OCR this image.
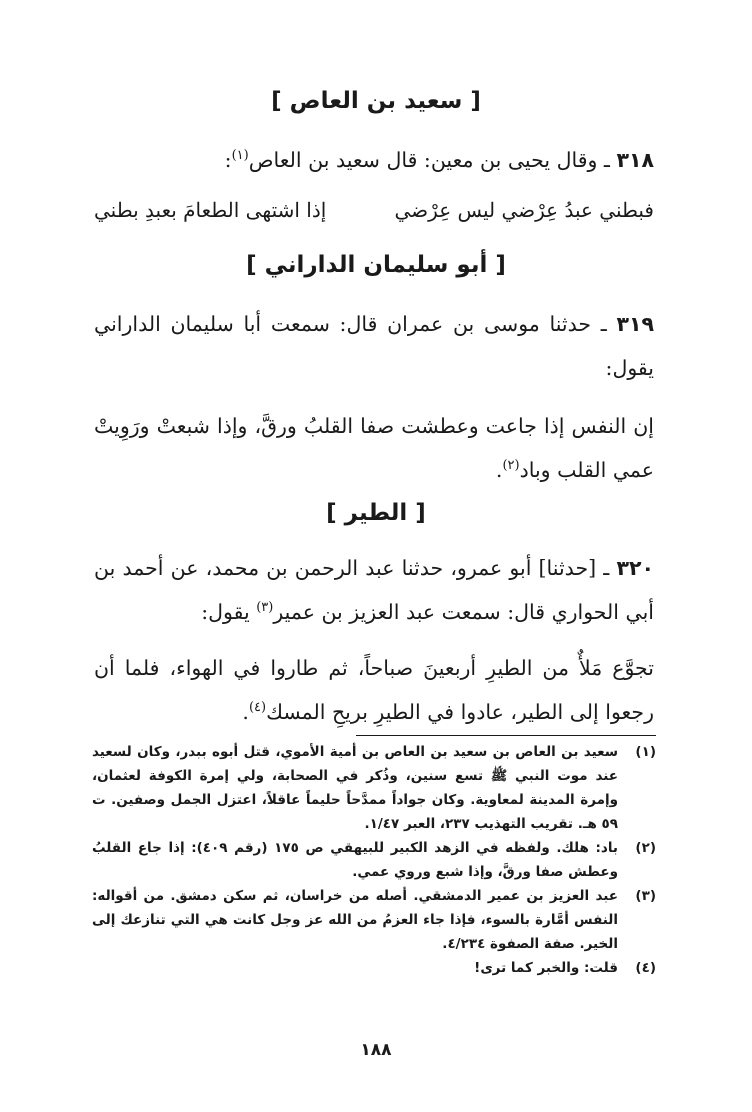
[ سعيد بن العاص ]
٣١٨ ـ وقال يحيى بن معين: قال سعيد بن العاص$^{(١)}$:
فبطني عبدُ عِرْضي ليس عِرْضي
إذا اشتهى الطعامَ بعبدِ بطني
[ أبو سليمان الداراني ]
٣١٩ ـ حدثنا موسى بن عمران قال: سمعت أبا سليمان الداراني يقول:
إن النفس إذا جاعت وعطشت صفا القلبُ ورقَّ، وإذا شبعتْ ورَوِيتْ عمي القلب وباد$^{(٢)}$.
[ الطير ]
٣٢٠ ـ [حدثنا] أبو عمرو، حدثنا عبد الرحمن بن محمد، عن أحمد بن أبي الحواري قال: سمعت عبد العزيز بن عمير$^{(٣)}$ يقول:
تجوَّع مَلأٌ من الطيرِ أربعينَ صباحاً، ثم طاروا في الهواء، فلما أن رجعوا إلى الطير، عادوا في الطيرِ بريحِ المسك$^{(٤)}$.
(١)
سعيد بن العاص بن سعيد بن العاص بن أمية الأموي، قتل أبوه ببدر، وكان لسعيد عند موت النبي ﷺ تسع سنين، وذُكر في الصحابة، ولي إمرة الكوفة لعثمان، وإمرة المدينة لمعاوية. وكان جواداً ممدَّحاً حليماً عاقلاً، اعتزل الجمل وصفين. ت ٥٩ هـ. تقريب التهذيب ٢٣٧، العبر ١/٤٧.
(٢)
باد: هلك. ولفظه في الزهد الكبير للبيهقي ص ١٧٥ (رقم ٤٠٩): إذا جاع القلبُ وعطش صفا ورقَّ، وإذا شبع وروي عمي.
(٣)
عبد العزيز بن عمير الدمشقي. أصله من خراسان، ثم سكن دمشق. من أقواله: النفس أمَّارة بالسوء، فإذا جاء العزمُ من الله عز وجل كانت هي التي تنازعك إلى الخير. صفة الصفوة ٤/٢٣٤.
(٤)
قلت: والخبر كما ترى!
١٨٨
